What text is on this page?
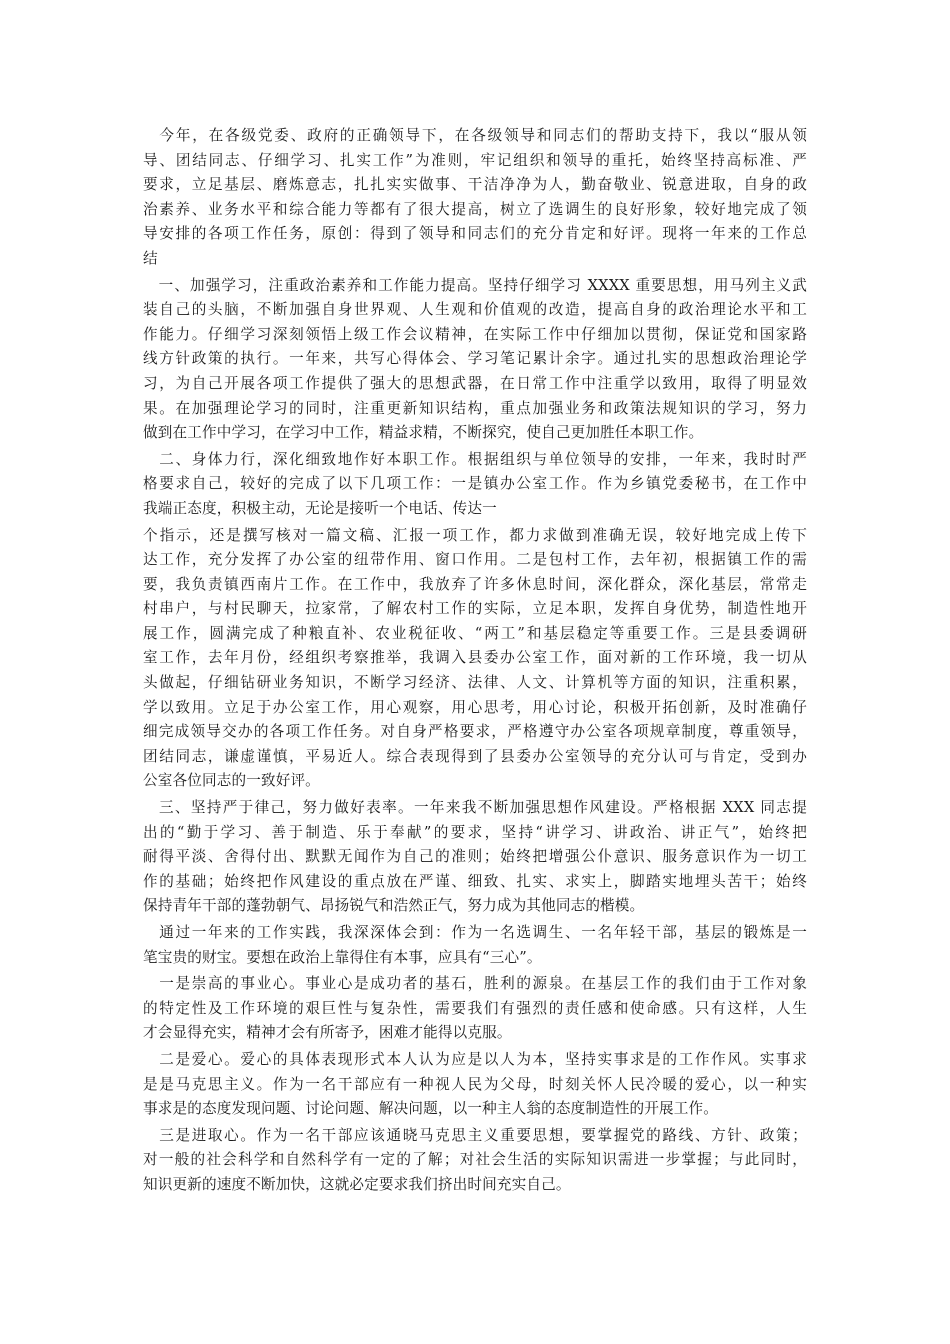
　今年，在各级党委、政府的正确领导下，在各级领导和同志们的帮助支持下，我以“服从领
导、团结同志、仔细学习、扎实工作”为准则，牢记组织和领导的重托，始终坚持高标准、严
要求，立足基层、磨炼意志，扎扎实实做事、干洁净净为人，勤奋敬业、锐意进取，自身的政
治素养、业务水平和综合能力等都有了很大提高，树立了选调生的良好形象，较好地完成了领
导安排的各项工作任务，原创：得到了领导和同志们的充分肯定和好评。现将一年来的工作总
结

　一、加强学习，注重政治素养和工作能力提高。坚持仔细学习 XXXX 重要思想，用马列主义武
装自己的头脑，不断加强自身世界观、人生观和价值观的改造，提高自身的政治理论水平和工
作能力。仔细学习深刻领悟上级工作会议精神，在实际工作中仔细加以贯彻，保证党和国家路
线方针政策的执行。一年来，共写心得体会、学习笔记累计余字。通过扎实的思想政治理论学
习，为自己开展各项工作提供了强大的思想武器，在日常工作中注重学以致用，取得了明显效
果。在加强理论学习的同时，注重更新知识结构，重点加强业务和政策法规知识的学习，努力
做到在工作中学习，在学习中工作，精益求精，不断探究，使自己更加胜任本职工作。

　二、身体力行，深化细致地作好本职工作。根据组织与单位领导的安排，一年来，我时时严
格要求自己，较好的完成了以下几项工作：一是镇办公室工作。作为乡镇党委秘书，在工作中
我端正态度，积极主动，无论是接听一个电话、传达一

个指示，还是撰写核对一篇文稿、汇报一项工作，都力求做到准确无误，较好地完成上传下
达工作，充分发挥了办公室的纽带作用、窗口作用。二是包村工作，去年初，根据镇工作的需
要，我负责镇西南片工作。在工作中，我放弃了许多休息时间，深化群众，深化基层，常常走
村串户，与村民聊天，拉家常，了解农村工作的实际，立足本职，发挥自身优势，制造性地开
展工作，圆满完成了种粮直补、农业税征收、“两工”和基层稳定等重要工作。三是县委调研
室工作，去年月份，经组织考察推举，我调入县委办公室工作，面对新的工作环境，我一切从
头做起，仔细钻研业务知识，不断学习经济、法律、人文、计算机等方面的知识，注重积累，
学以致用。立足于办公室工作，用心观察，用心思考，用心讨论，积极开拓创新，及时准确仔
细完成领导交办的各项工作任务。对自身严格要求，严格遵守办公室各项规章制度，尊重领导，
团结同志，谦虚谨慎，平易近人。综合表现得到了县委办公室领导的充分认可与肯定，受到办
公室各位同志的一致好评。

　三、坚持严于律己，努力做好表率。一年来我不断加强思想作风建设。严格根据 XXX 同志提
出的“勤于学习、善于制造、乐于奉献”的要求，坚持“讲学习、讲政治、讲正气”，始终把
耐得平淡、舍得付出、默默无闻作为自己的准则；始终把增强公仆意识、服务意识作为一切工
作的基础；始终把作风建设的重点放在严谨、细致、扎实、求实上，脚踏实地埋头苦干；始终
保持青年干部的蓬勃朝气、昂扬锐气和浩然正气，努力成为其他同志的楷模。

　通过一年来的工作实践，我深深体会到：作为一名选调生、一名年轻干部，基层的锻炼是一
笔宝贵的财宝。要想在政治上靠得住有本事，应具有“三心”。

　一是崇高的事业心。事业心是成功者的基石，胜利的源泉。在基层工作的我们由于工作对象
的特定性及工作环境的艰巨性与复杂性，需要我们有强烈的责任感和使命感。只有这样，人生
才会显得充实，精神才会有所寄予，困难才能得以克服。

　二是爱心。爱心的具体表现形式本人认为应是以人为本，坚持实事求是的工作作风。实事求
是是马克思主义。作为一名干部应有一种视人民为父母，时刻关怀人民冷暖的爱心，以一种实
事求是的态度发现问题、讨论问题、解决问题，以一种主人翁的态度制造性的开展工作。

　三是进取心。作为一名干部应该通晓马克思主义重要思想，要掌握党的路线、方针、政策；
对一般的社会科学和自然科学有一定的了解；对社会生活的实际知识需进一步掌握；与此同时，
知识更新的速度不断加快，这就必定要求我们挤出时间充实自己。
